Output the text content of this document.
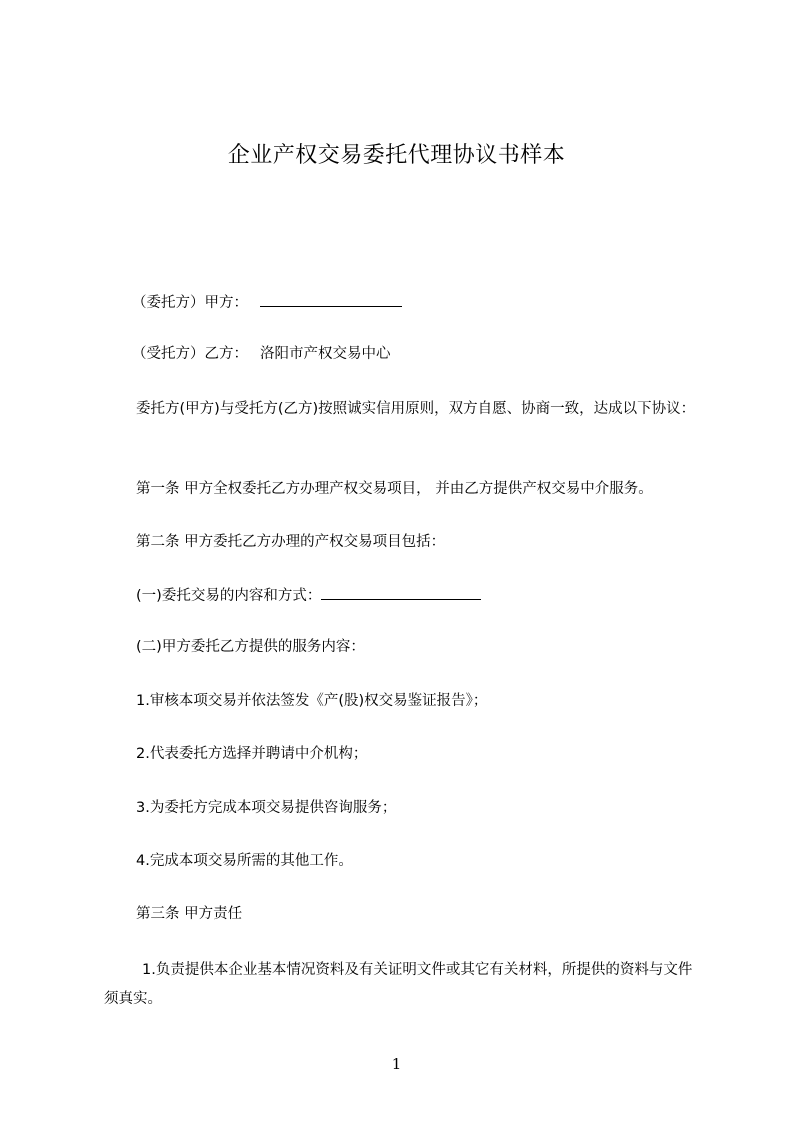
企业产权交易委托代理协议书样本
（委托方）甲方：
（受托方）乙方： 洛阳市产权交易中心
委托方(甲方)与受托方(乙方)按照诚实信用原则，双方自愿、协商一致，达成以下协议：
第一条 甲方全权委托乙方办理产权交易项目， 并由乙方提供产权交易中介服务。
第二条 甲方委托乙方办理的产权交易项目包括：
(一)委托交易的内容和方式：
(二)甲方委托乙方提供的服务内容：
1.审核本项交易并依法签发《产(股)权交易鉴证报告》；
2.代表委托方选择并聘请中介机构；
3.为委托方完成本项交易提供咨询服务；
4.完成本项交易所需的其他工作。
第三条 甲方责任
1.负责提供本企业基本情况资料及有关证明文件或其它有关材料，所提供的资料与文件须真实。
1
